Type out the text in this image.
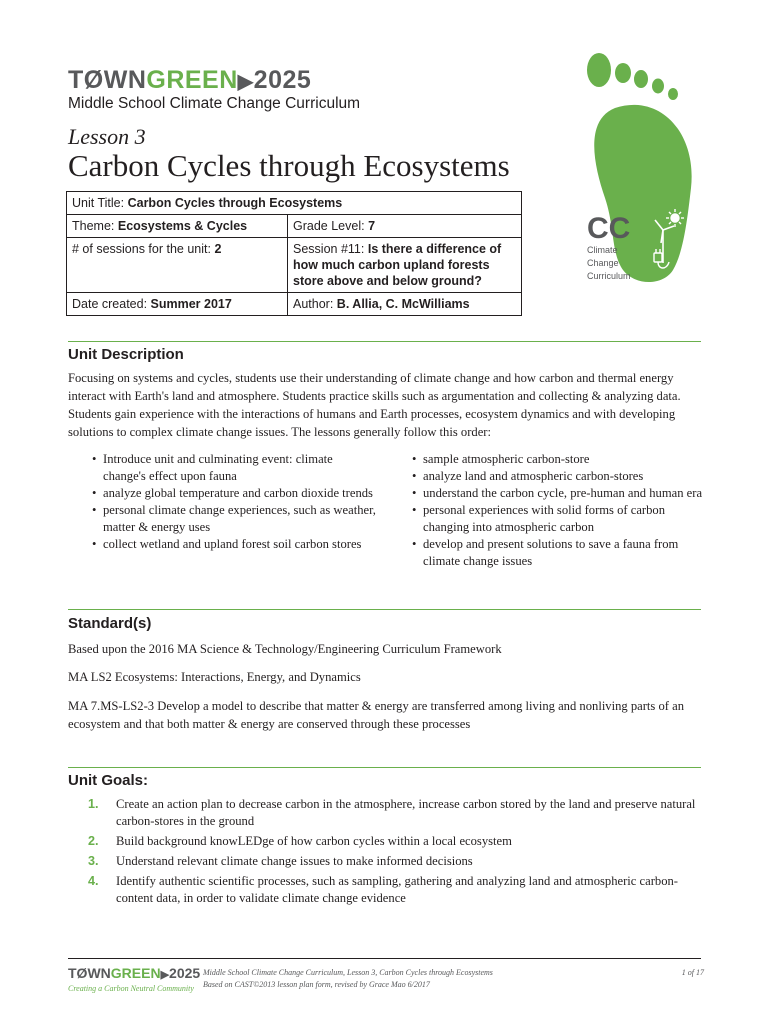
TØWNGREEN▶2025
Middle School Climate Change Curriculum
Lesson 3
Carbon Cycles through Ecosystems
Unit Title: Carbon Cycles through Ecosystems	
Theme: Ecosystems & Cycles	Grade Level: 7
# of sessions for the unit: 2	Session #11: Is there a difference of how much carbon upland forests store above and below ground?
Date created: Summer 2017	Author: B. Allia, C. McWilliams
CC
Climate
Change
Curriculum
Unit Description
Focusing on systems and cycles, students use their understanding of climate change and how carbon and thermal energy interact with Earth's land and atmosphere. Students practice skills such as argumentation and collecting & analyzing data. Students gain experience with the interactions of humans and Earth processes, ecosystem dynamics and with developing solutions to complex climate change issues. The lessons generally follow this order:
• Introduce unit and culminating event: climate change's effect upon fauna
• analyze global temperature and carbon dioxide trends
• personal climate change experiences, such as weather, matter & energy uses
• collect wetland and upland forest soil carbon stores
• sample atmospheric carbon-store
• analyze land and atmospheric carbon-stores
• understand the carbon cycle, pre-human and human era
• personal experiences with solid forms of carbon changing into atmospheric carbon
• develop and present solutions to save a fauna from climate change issues
Standard(s)
Based upon the 2016 MA Science & Technology/Engineering Curriculum Framework
MA LS2 Ecosystems: Interactions, Energy, and Dynamics
MA 7.MS-LS2-3 Develop a model to describe that matter & energy are transferred among living and nonliving parts of an ecosystem and that both matter & energy are conserved through these processes
Unit Goals:
1. Create an action plan to decrease carbon in the atmosphere, increase carbon stored by the land and preserve natural carbon-stores in the ground
2. Build background knowLEDge of how carbon cycles within a local ecosystem
3. Understand relevant climate change issues to make informed decisions
4. Identify authentic scientific processes, such as sampling, gathering and analyzing land and atmospheric carbon-content data, in order to validate climate change evidence
TØWNGREEN▶2025
Creating a Carbon Neutral Community
Middle School Climate Change Curriculum, Lesson 3, Carbon Cycles through Ecosystems
Based on CAST©2013 lesson plan form, revised by Grace Mao 6/2017
1 of 17
